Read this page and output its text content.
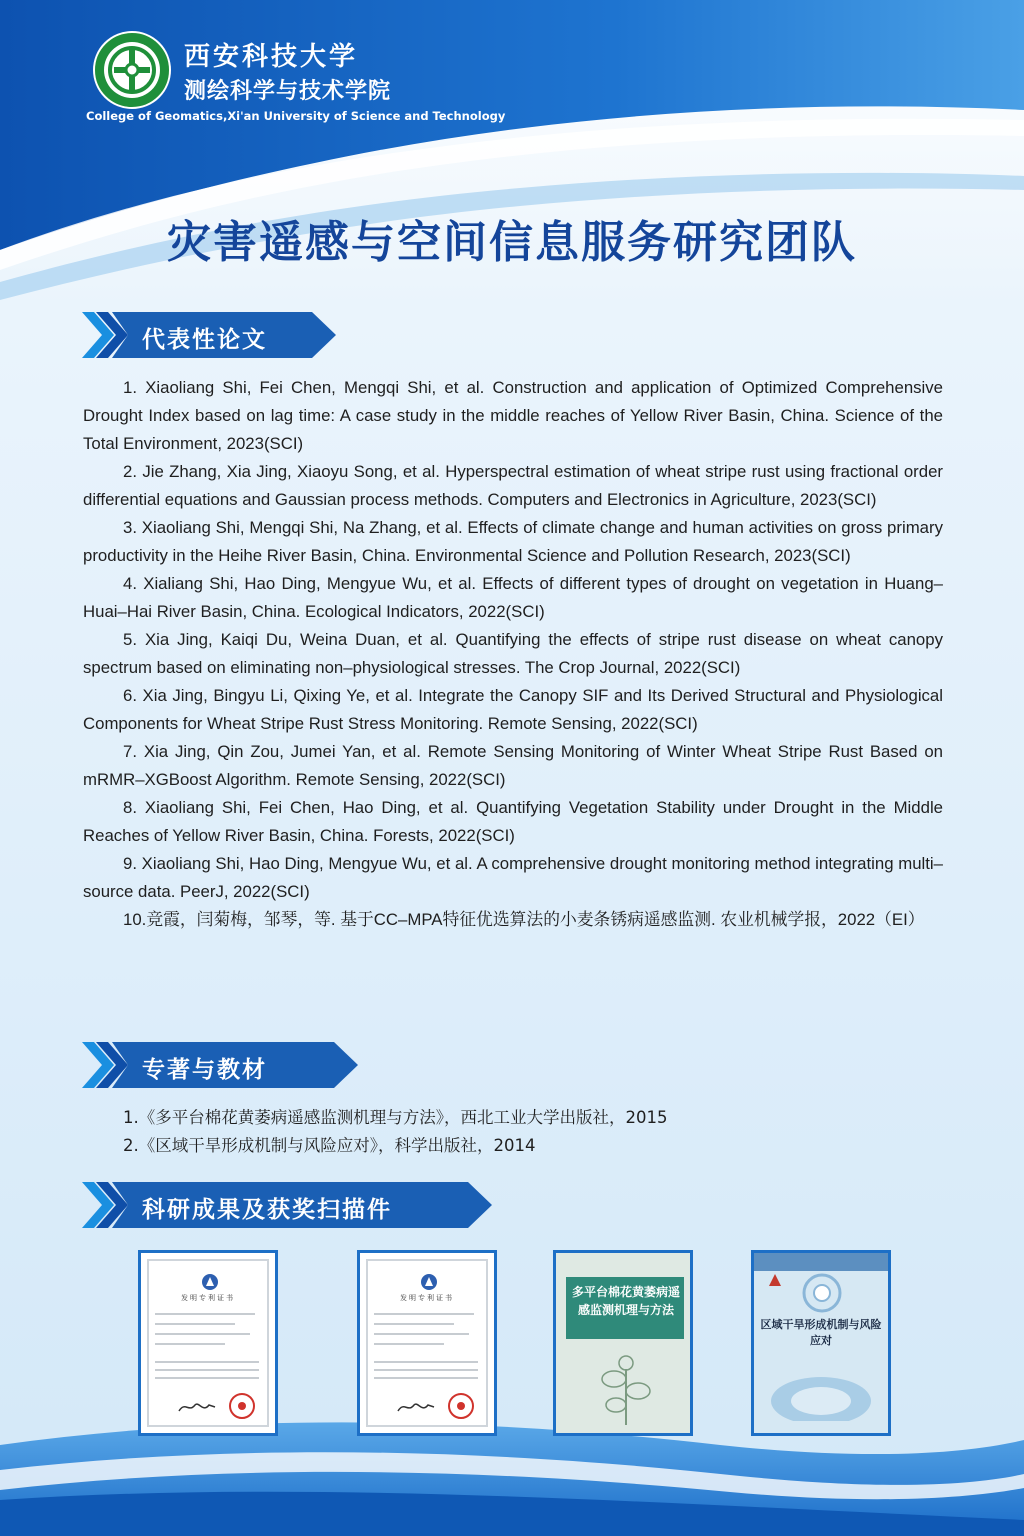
西安科技大学
测绘科学与技术学院
College of Geomatics,Xi'an University of Science and Technology
灾害遥感与空间信息服务研究团队
代表性论文
1. Xiaoliang Shi, Fei Chen, Mengqi Shi, et al. Construction and application of Optimized Comprehensive Drought Index based on lag time: A case study in the middle reaches of Yellow River Basin, China. Science of the Total Environment, 2023(SCI)
2. Jie Zhang, Xia Jing, Xiaoyu Song, et al. Hyperspectral estimation of wheat stripe rust using fractional order differential equations and Gaussian process methods. Computers and Electronics in Agriculture, 2023(SCI)
3. Xiaoliang Shi, Mengqi Shi, Na Zhang, et al. Effects of climate change and human activities on gross primary productivity in the Heihe River Basin, China. Environmental Science and Pollution Research, 2023(SCI)
4. Xialiang Shi, Hao Ding, Mengyue Wu, et al. Effects of different types of drought on vegetation in Huang–Huai–Hai River Basin, China. Ecological Indicators, 2022(SCI)
5. Xia Jing, Kaiqi Du, Weina Duan, et al. Quantifying the effects of stripe rust disease on wheat canopy spectrum based on eliminating non–physiological stresses. The Crop Journal, 2022(SCI)
6. Xia Jing, Bingyu Li, Qixing Ye, et al. Integrate the Canopy SIF and Its Derived Structural and Physiological Components for Wheat Stripe Rust Stress Monitoring. Remote Sensing, 2022(SCI)
7. Xia Jing, Qin Zou, Jumei Yan, et al. Remote Sensing Monitoring of Winter Wheat Stripe Rust Based on mRMR–XGBoost Algorithm. Remote Sensing, 2022(SCI)
8. Xiaoliang Shi, Fei Chen, Hao Ding, et al. Quantifying Vegetation Stability under Drought in the Middle Reaches of Yellow River Basin, China. Forests, 2022(SCI)
9. Xiaoliang Shi, Hao Ding, Mengyue Wu, et al. A comprehensive drought monitoring method integrating multi–source data. PeerJ, 2022(SCI)
10.竞霞，闫菊梅，邹琴，等. 基于CC–MPA特征优选算法的小麦条锈病遥感监测. 农业机械学报，2022（EI）
专著与教材
1.《多平台棉花黄萎病遥感监测机理与方法》，西北工业大学出版社，2015
2.《区域干旱形成机制与风险应对》，科学出版社，2014
科研成果及获奖扫描件
发明专利证书	发明专利证书	多平台棉花黄萎病遥感监测机理与方法
区域干旱形成机制与风险应对
